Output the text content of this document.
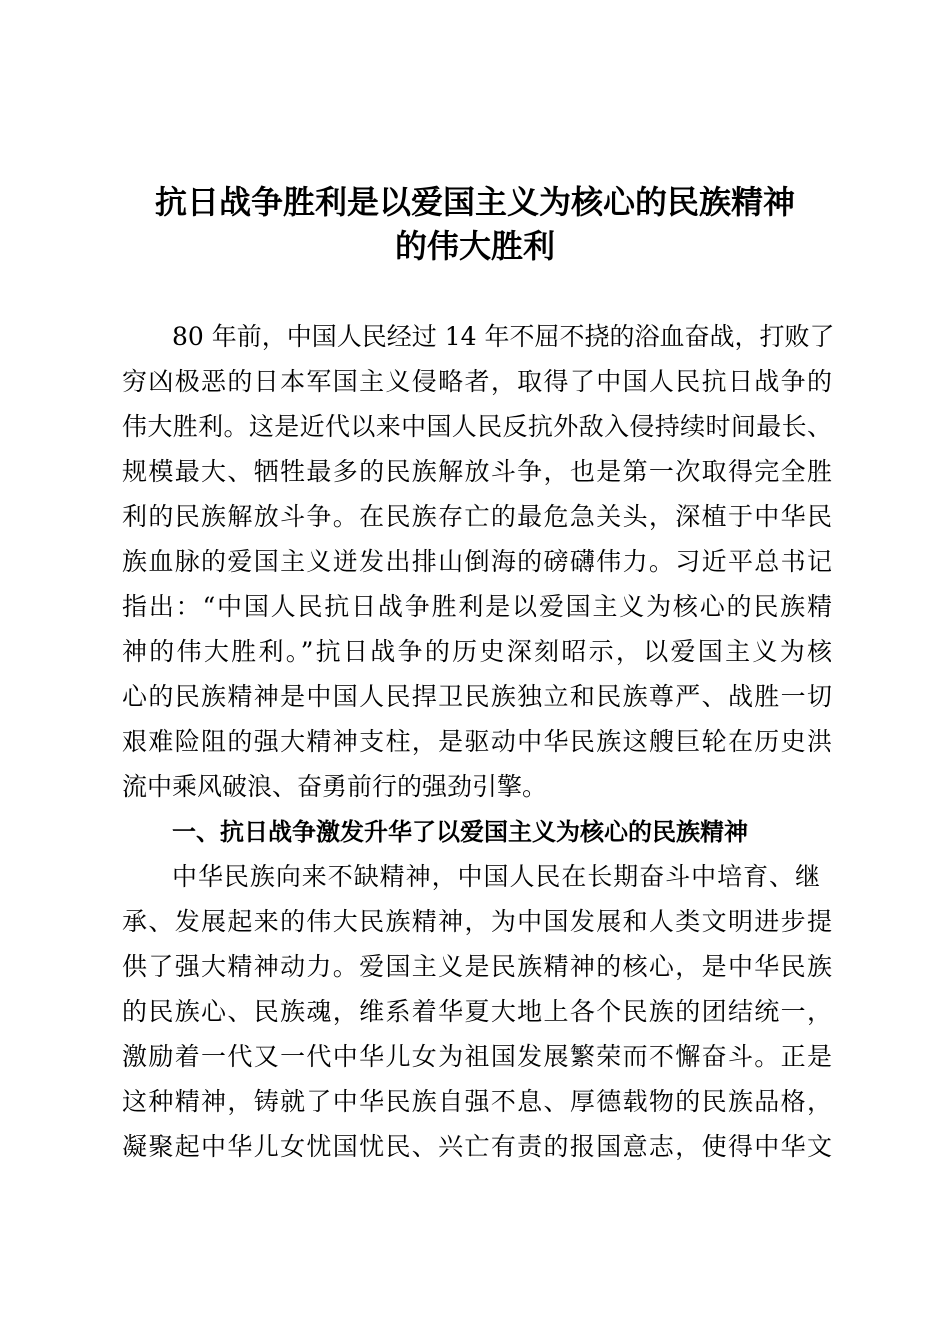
抗日战争胜利是以爱国主义为核心的民族精神
的伟大胜利

80 年前，中国人民经过 14 年不屈不挠的浴血奋战，打败了

穷凶极恶的日本军国主义侵略者，取得了中国人民抗日战争的

伟大胜利。这是近代以来中国人民反抗外敌入侵持续时间最长、

规模最大、牺牲最多的民族解放斗争，也是第一次取得完全胜

利的民族解放斗争。在民族存亡的最危急关头，深植于中华民

族血脉的爱国主义迸发出排山倒海的磅礴伟力。习近平总书记

指出：“中国人民抗日战争胜利是以爱国主义为核心的民族精

神的伟大胜利。”抗日战争的历史深刻昭示，以爱国主义为核

心的民族精神是中国人民捍卫民族独立和民族尊严、战胜一切

艰难险阻的强大精神支柱，是驱动中华民族这艘巨轮在历史洪

流中乘风破浪、奋勇前行的强劲引擎。

一、抗日战争激发升华了以爱国主义为核心的民族精神

中华民族向来不缺精神，中国人民在长期奋斗中培育、继

承、发展起来的伟大民族精神，为中国发展和人类文明进步提

供了强大精神动力。爱国主义是民族精神的核心，是中华民族

的民族心、民族魂，维系着华夏大地上各个民族的团结统一，

激励着一代又一代中华儿女为祖国发展繁荣而不懈奋斗。正是

这种精神，铸就了中华民族自强不息、厚德载物的民族品格，

凝聚起中华儿女忧国忧民、兴亡有责的报国意志，使得中华文
